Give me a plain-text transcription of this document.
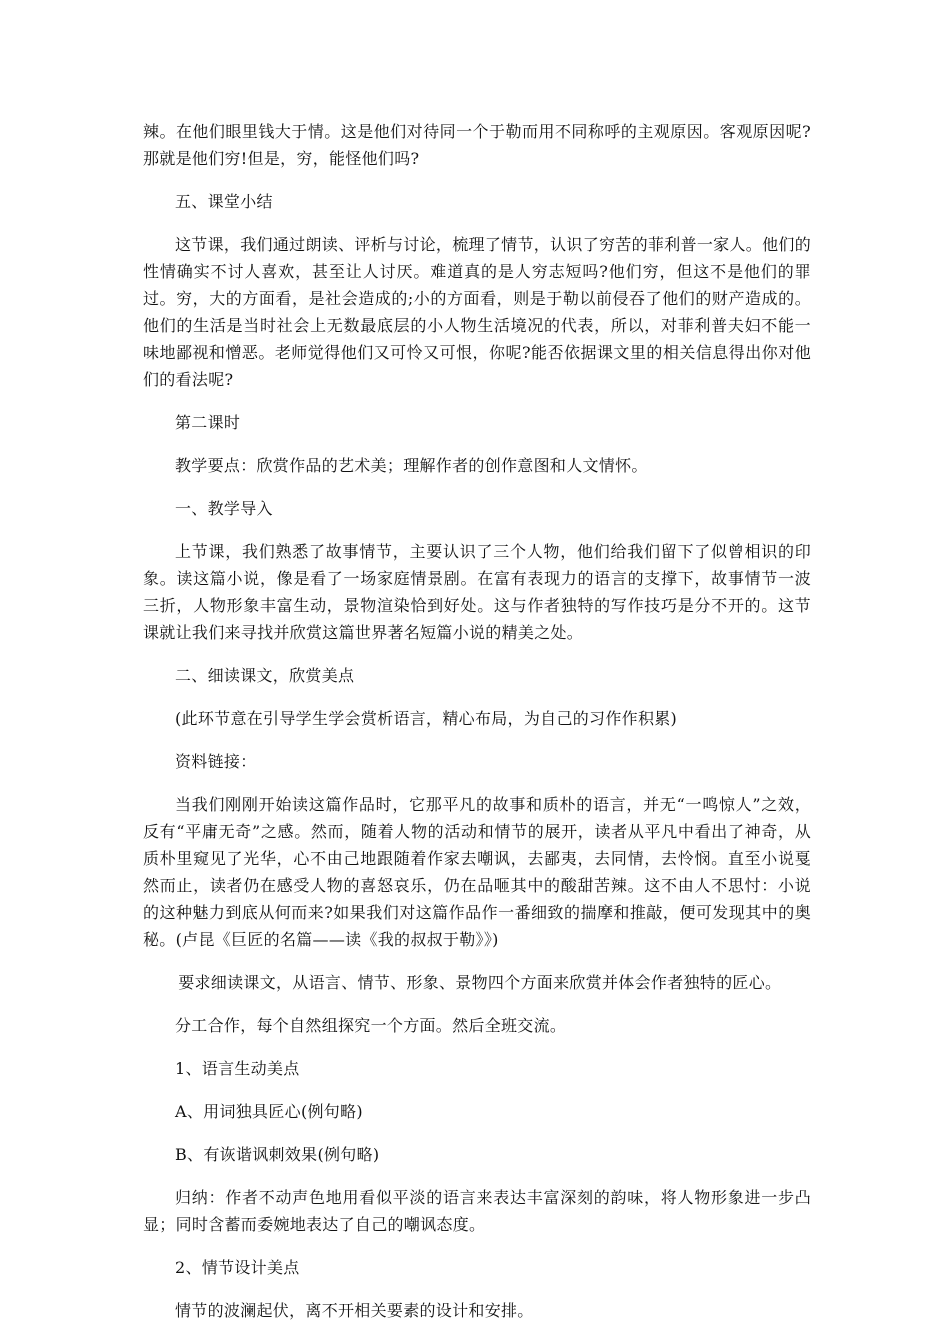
辣。在他们眼里钱大于情。这是他们对待同一个于勒而用不同称呼的主观原因。客观原因呢?那就是他们穷!但是，穷，能怪他们吗?

五、课堂小结

这节课，我们通过朗读、评析与讨论，梳理了情节，认识了穷苦的菲利普一家人。他们的性情确实不讨人喜欢，甚至让人讨厌。难道真的是人穷志短吗?他们穷，但这不是他们的罪过。穷，大的方面看，是社会造成的;小的方面看，则是于勒以前侵吞了他们的财产造成的。他们的生活是当时社会上无数最底层的小人物生活境况的代表，所以，对菲利普夫妇不能一味地鄙视和憎恶。老师觉得他们又可怜又可恨，你呢?能否依据课文里的相关信息得出你对他们的看法呢?

第二课时

教学要点：欣赏作品的艺术美；理解作者的创作意图和人文情怀。

一、教学导入

上节课，我们熟悉了故事情节，主要认识了三个人物，他们给我们留下了似曾相识的印象。读这篇小说，像是看了一场家庭情景剧。在富有表现力的语言的支撑下，故事情节一波三折，人物形象丰富生动，景物渲染恰到好处。这与作者独特的写作技巧是分不开的。这节课就让我们来寻找并欣赏这篇世界著名短篇小说的精美之处。

二、细读课文，欣赏美点

(此环节意在引导学生学会赏析语言，精心布局，为自己的习作作积累)

资料链接：

当我们刚刚开始读这篇作品时，它那平凡的故事和质朴的语言，并无“一鸣惊人”之效，反有“平庸无奇”之感。然而，随着人物的活动和情节的展开，读者从平凡中看出了神奇，从质朴里窥见了光华，心不由己地跟随着作家去嘲讽，去鄙夷，去同情，去怜悯。直至小说戛然而止，读者仍在感受人物的喜怒哀乐，仍在品咂其中的酸甜苦辣。这不由人不思忖：小说的这种魅力到底从何而来?如果我们对这篇作品作一番细致的揣摩和推敲，便可发现其中的奥秘。(卢昆《巨匠的名篇——读《我的叔叔于勒》》)

要求细读课文，从语言、情节、形象、景物四个方面来欣赏并体会作者独特的匠心。

分工合作，每个自然组探究一个方面。然后全班交流。

1、语言生动美点

A、用词独具匠心(例句略)

B、有诙谐讽刺效果(例句略)

归纳：作者不动声色地用看似平淡的语言来表达丰富深刻的韵味，将人物形象进一步凸显；同时含蓄而委婉地表达了自己的嘲讽态度。

2、情节设计美点

情节的波澜起伏，离不开相关要素的设计和安排。
